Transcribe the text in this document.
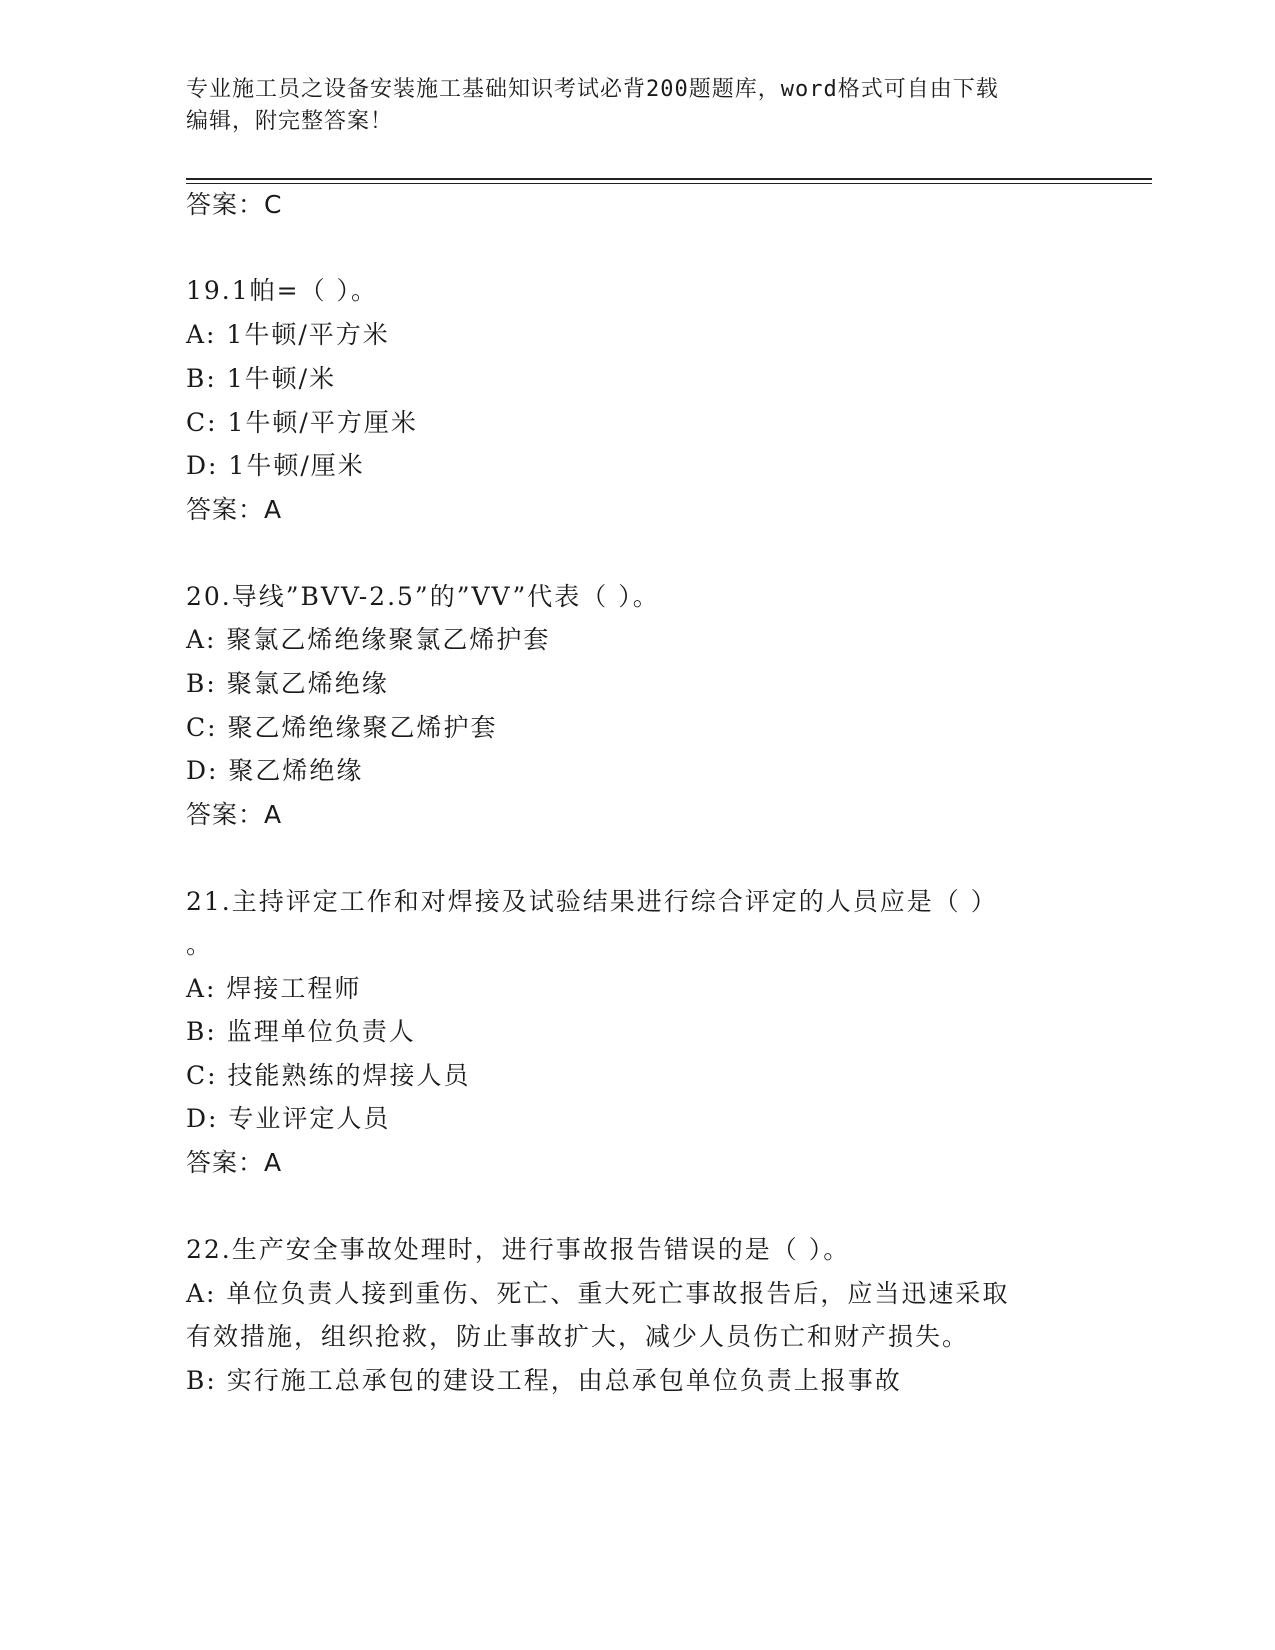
专业施工员之设备安装施工基础知识考试必背200题题库，word格式可自由下载
编辑，附完整答案！
答案：C
19.1帕=（ ）。
A: 1牛顿/平方米
B: 1牛顿/米
C: 1牛顿/平方厘米
D: 1牛顿/厘米
答案：A
20.导线”BVV-2.5”的”VV”代表（ ）。
A: 聚氯乙烯绝缘聚氯乙烯护套
B: 聚氯乙烯绝缘
C: 聚乙烯绝缘聚乙烯护套
D: 聚乙烯绝缘
答案：A
21.主持评定工作和对焊接及试验结果进行综合评定的人员应是（ ）
。
A: 焊接工程师
B: 监理单位负责人
C: 技能熟练的焊接人员
D: 专业评定人员
答案：A
22.生产安全事故处理时，进行事故报告错误的是（ ）。
A: 单位负责人接到重伤、死亡、重大死亡事故报告后，应当迅速采取
有效措施，组织抢救，防止事故扩大，减少人员伤亡和财产损失。
B: 实行施工总承包的建设工程，由总承包单位负责上报事故
